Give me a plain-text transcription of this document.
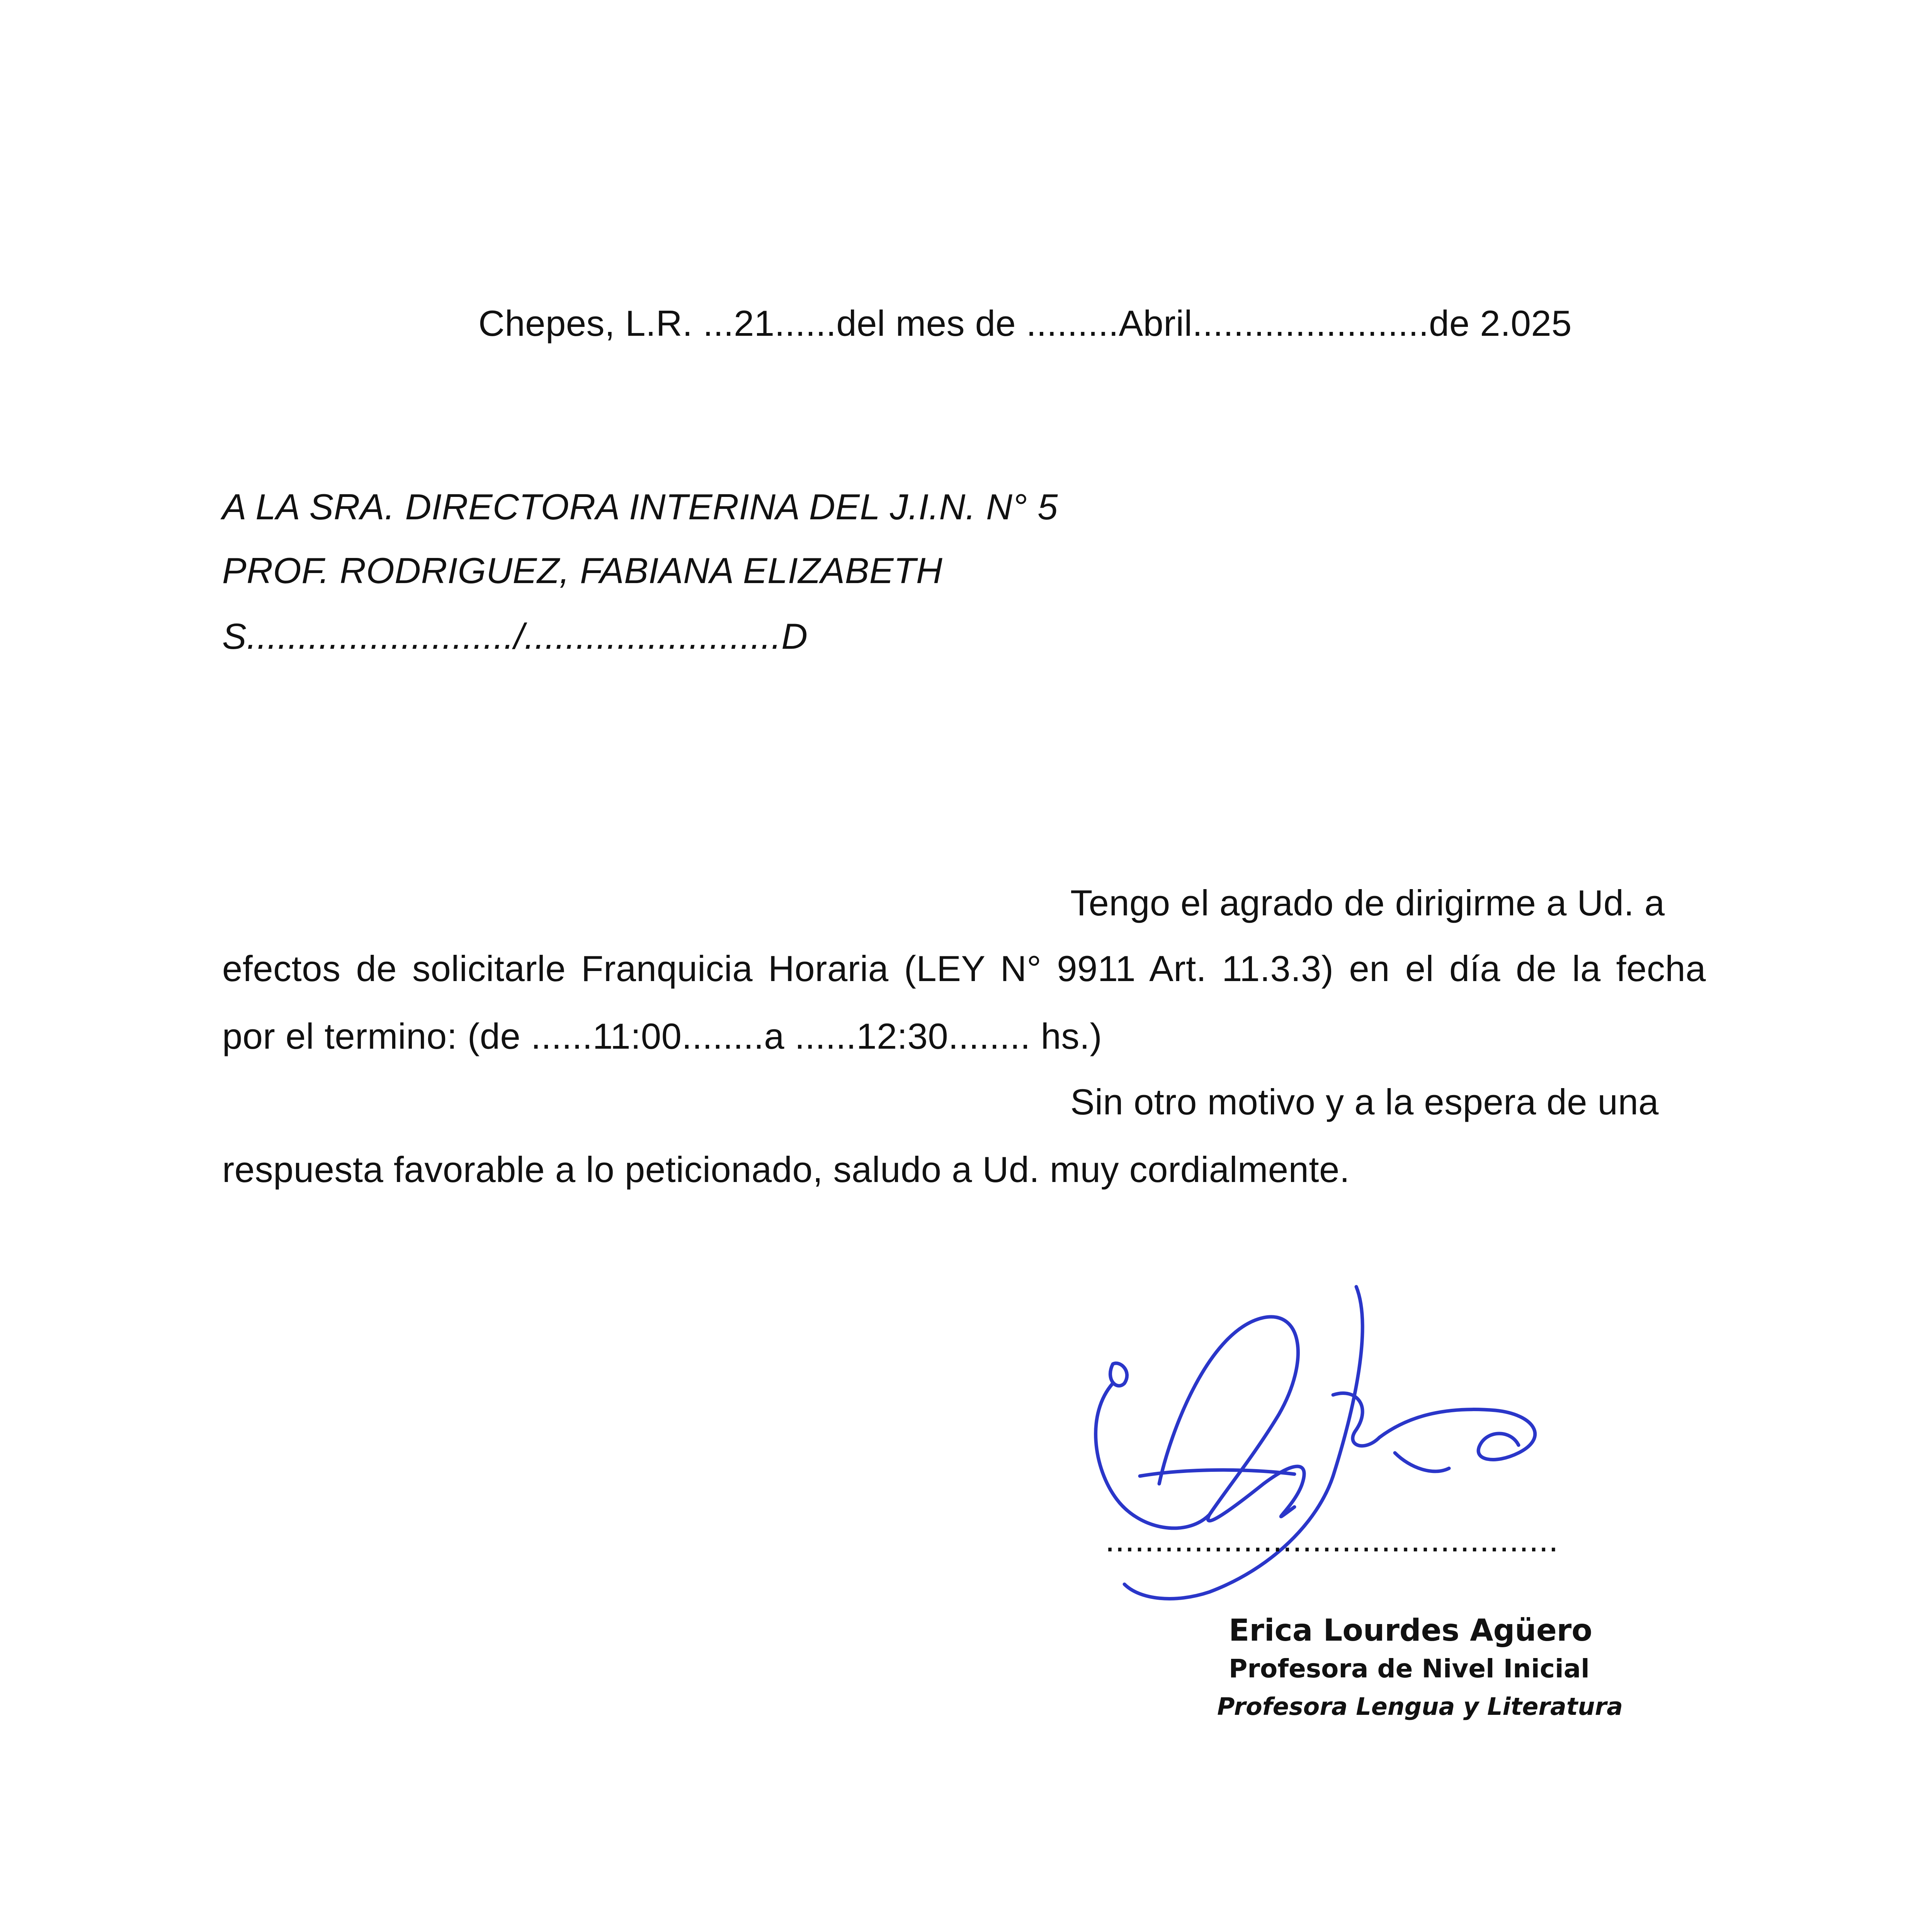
Chepes, L.R. ...21......del mes de .........Abril.......................de 2.025
A LA SRA. DIRECTORA INTERINA DEL J.I.N. N° 5
PROF. RODRIGUEZ, FABIANA ELIZABETH
S........................../.........................D
Tengo el agrado de dirigirme a Ud. a
efectos de solicitarle Franquicia Horaria (LEY N° 9911 Art. 11.3.3) en el día de la fecha
por el termino: (de ......11:00........a ......12:30........ hs.)
Sin otro motivo y a la espera de una
respuesta favorable a lo peticionado, saludo a Ud. muy cordialmente.
..............................................
Erica Lourdes Agüero
Profesora de Nivel Inicial
Profesora Lengua y Literatura
